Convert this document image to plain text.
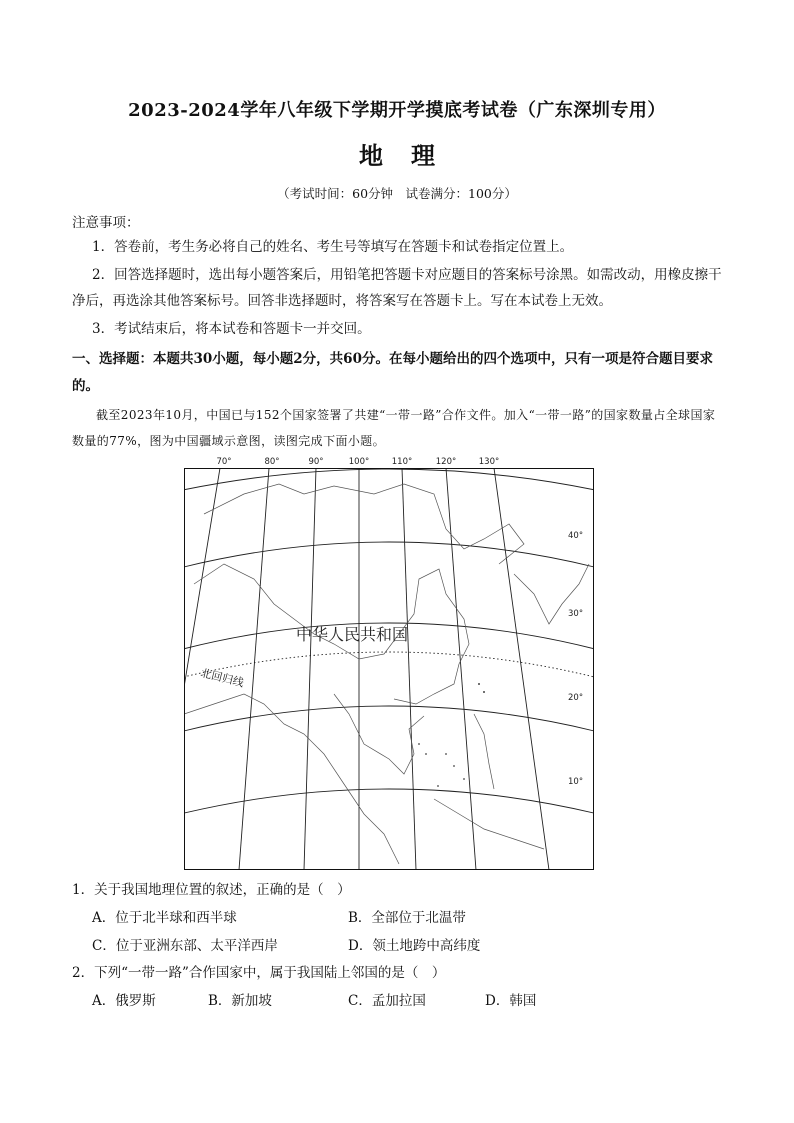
2023-2024学年八年级下学期开学摸底考试卷（广东深圳专用）
地理
（考试时间：60分钟　试卷满分：100分）
注意事项：
1．答卷前，考生务必将自己的姓名、考生号等填写在答题卡和试卷指定位置上。
2．回答选择题时，选出每小题答案后，用铅笔把答题卡对应题目的答案标号涂黑。如需改动，用橡皮擦干净后，再选涂其他答案标号。回答非选择题时，将答案写在答题卡上。写在本试卷上无效。
3．考试结束后，将本试卷和答题卡一并交回。
一、选择题：本题共30小题，每小题2分，共60分。在每小题给出的四个选项中，只有一项是符合题目要求的。
截至2023年10月，中国已与152个国家签署了共建“一带一路”合作文件。加入“一带一路”的国家数量占全球国家数量的77%，图为中国疆域示意图，读图完成下面小题。
70°	80°	90°	100°	110°	120°	130°
40°
30°
20°
10°
中华人民共和国
北回归线
1．关于我国地理位置的叙述，正确的是（　）
A．位于北半球和西半球	B．全部位于北温带
C．位于亚洲东部、太平洋西岸	D．领土地跨中高纬度
2．下列“一带一路”合作国家中，属于我国陆上邻国的是（　）
A．俄罗斯	B．新加坡	C．孟加拉国	D．韩国
